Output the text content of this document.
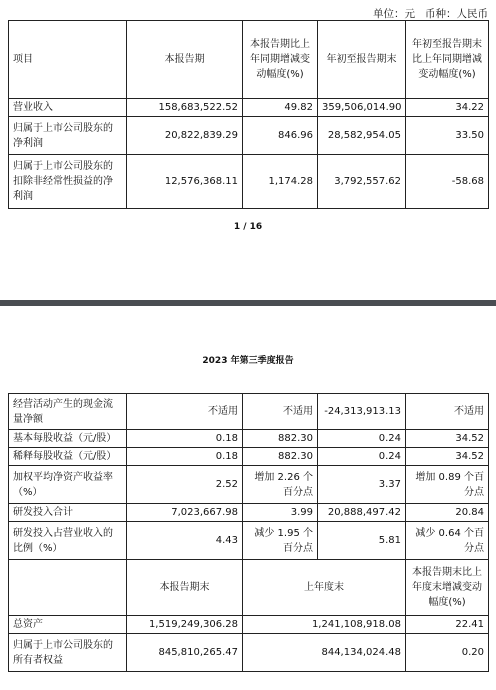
单位：元   币种：人民币
项目	本报告期	本报告期比上年同期增减变动幅度(%)	年初至报告期末	年初至报告期末比上年同期增减变动幅度(%)
营业收入	158,683,522.52	49.82	359,506,014.90	34.22
归属于上市公司股东的净利润	20,822,839.29	846.96	28,582,954.05	33.50
归属于上市公司股东的扣除非经常性损益的净利润	12,576,368.11	1,174.28	3,792,557.62	-58.68
1 / 16
2023 年第三季度报告
经营活动产生的现金流量净额	不适用	不适用	-24,313,913.13	不适用
基本每股收益（元/股）	0.18	882.30	0.24	34.52
稀释每股收益（元/股）	0.18	882.30	0.24	34.52
加权平均净资产收益率（%）	2.52	增加 2.26 个百分点	3.37	增加 0.89 个百分点
研发投入合计	7,023,667.98	3.99	20,888,497.42	20.84
研发投入占营业收入的比例（%）	4.43	减少 1.95 个百分点	5.81	减少 0.64 个百分点
	本报告期末	上年度末		本报告期末比上年度末增减变动幅度(%)
总资产	1,519,249,306.28	1,241,108,918.08		22.41
归属于上市公司股东的所有者权益	845,810,265.47	844,134,024.48		0.20
